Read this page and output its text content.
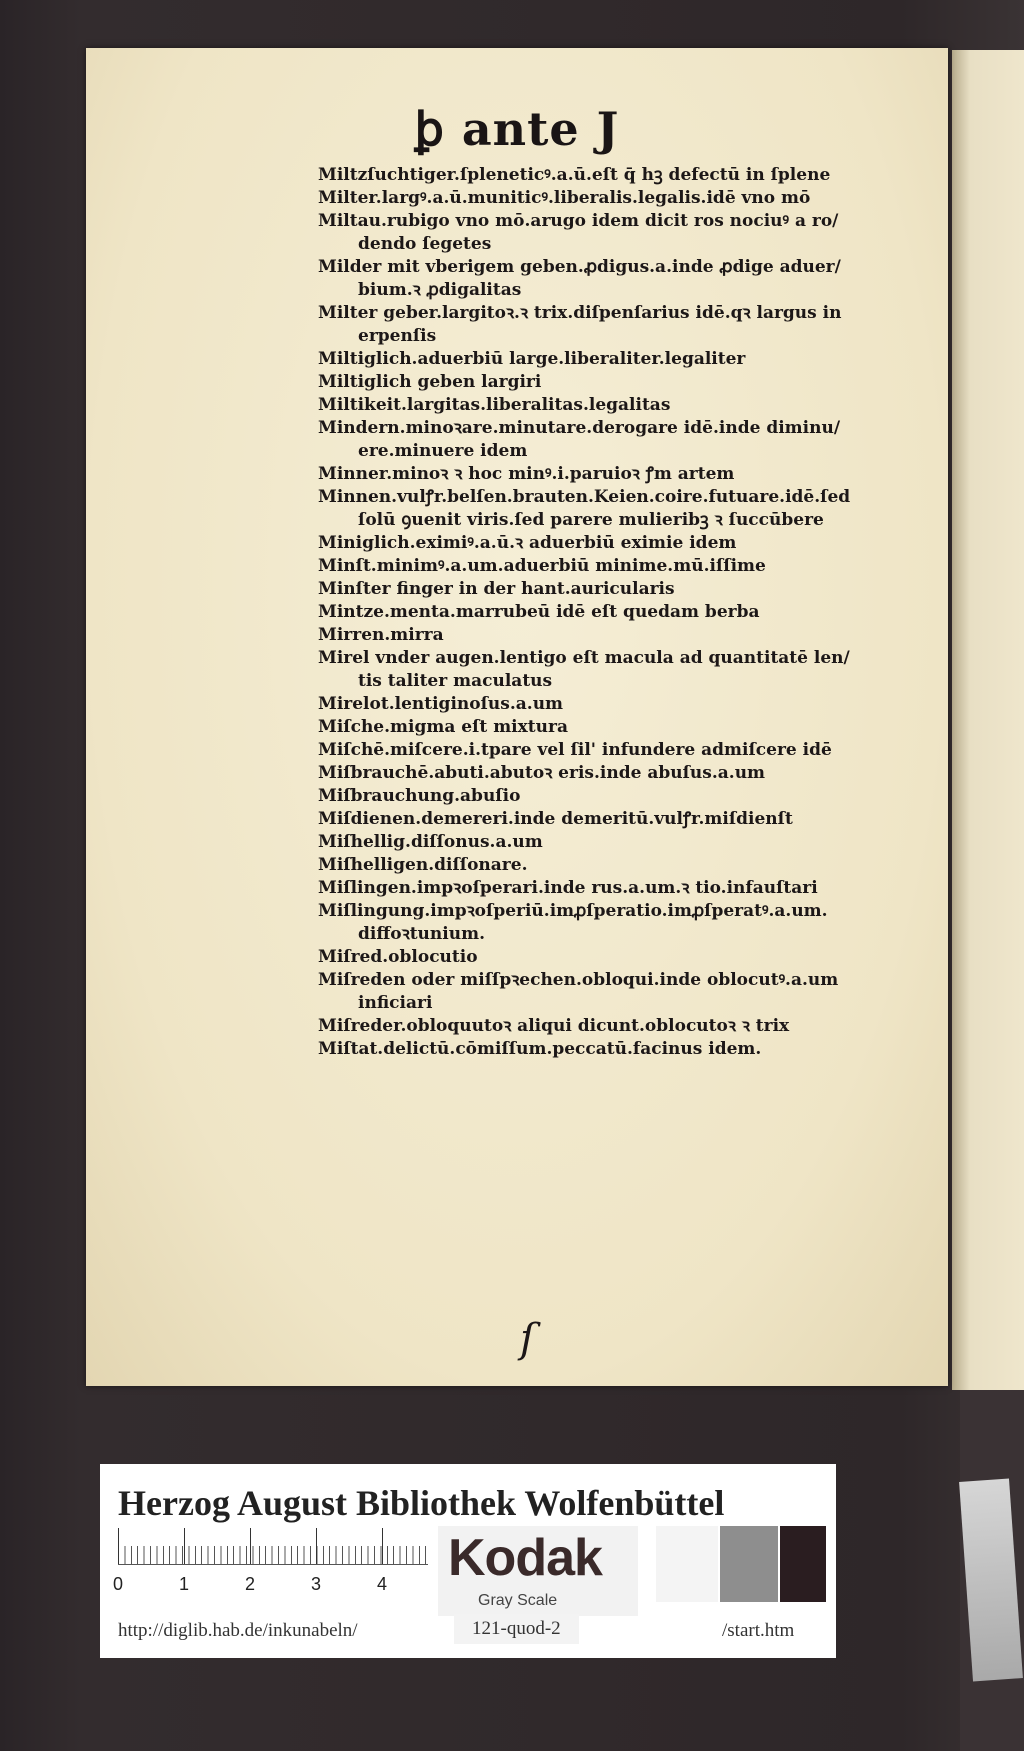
ꝧ ante J

Miltzſuchtiger.ſpleneticꝰ.a.ū.eſt q̄ hꝫ defectū in ſplene

Milter.largꝰ.a.ū.muniticꝰ.liberalis.legalis.idē vno mō

Miltau.rubigo vno mō.arugo idem dicit ros nociuꝰ a ro/
dendo ſegetes

Milder mit vberigem geben.ꝓdigus.a.inde ꝓdige aduer/
bium.ꝛ ꝓdigalitas

Milter geber.largitoꝛ.ꝛ trix.diſpenſarius idē.qꝛ largus in
erpenſis

Miltiglich.aduerbiū large.liberaliter.legaliter

Miltiglich geben largiri

Miltikeit.largitas.liberalitas.legalitas

Mindern.minoꝛare.minutare.derogare idē.inde diminu/
ere.minuere idem

Minner.minoꝛ ꝛ hoc minꝰ.i.paruioꝛ ꝭm artem

Minnen.vulꝭr.belſen.brauten.Keien.coire.futuare.idē.ſed
ſolū ꝯuenit viris.ſed parere mulieribꝫ ꝛ ſuccūbere

Miniglich.eximiꝰ.a.ū.ꝛ aduerbiū eximie idem

Minſt.minimꝰ.a.um.aduerbiū minime.mū.iſſime

Minſter finger in der hant.auricularis

Mintze.menta.marrubeū idē eſt quedam berba

Mirren.mirra

Mirel vnder augen.lentigo eſt macula ad quantitatē len/
tis taliter maculatus

Mirelot.lentiginoſus.a.um

Miſche.migma eſt mixtura

Miſchē.miſcere.i.tpare vel ſil' infundere admiſcere idē

Miſbrauchē.abuti.abutoꝛ eris.inde abuſus.a.um

Miſbrauchung.abuſio

Miſdienen.demereri.inde demeritū.vulꝭr.miſdienſt

Miſhellig.diſſonus.a.um

Miſhelligen.diſſonare.

Miſlingen.impꝛoſperari.inde rus.a.um.ꝛ tio.infauſtari

Miſlingung.impꝛoſperiū.imꝓſperatio.imꝓſperatꝰ.a.um.
diffoꝛtunium.

Miſred.oblocutio

Miſreden oder miſſpꝛechen.obloqui.inde oblocutꝰ.a.um
inficiari

Miſreder.obloquutoꝛ aliqui dicunt.oblocutoꝛ ꝛ trix

Miſtat.delictū.cōmiſſum.peccatū.facinus idem.

ſ
Herzog August Bibliothek Wolfenbüttel
0	1	2	3	4 Kodak
Gray Scale
http://diglib.hab.de/inkunabeln/	121-quod-2	/start.htm
